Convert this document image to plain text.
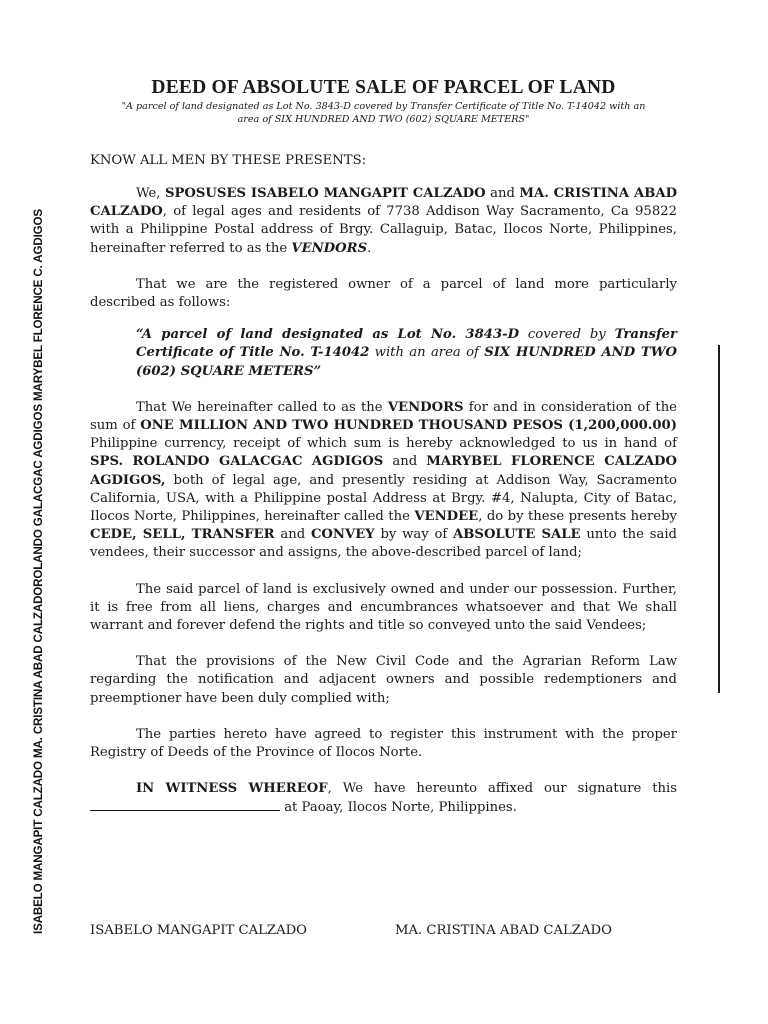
ISABELO MANGAPIT CALZADO MA. CRISTINA ABAD CALZADOROLANDO GALACGAC AGDIGOS MARYBEL FLORENCE C. AGDIGOS
DEED OF ABSOLUTE SALE OF PARCEL OF LAND
"A parcel of land designated as Lot No. 3843-D covered by Transfer Certificate of Title No. T-14042 with an area of SIX HUNDRED AND TWO (602) SQUARE METERS"
KNOW ALL MEN BY THESE PRESENTS:

We, SPOSUSES ISABELO MANGAPIT CALZADO and MA. CRISTINA ABAD CALZADO, of legal ages and residents of 7738 Addison Way Sacramento, Ca 95822 with a Philippine Postal address of Brgy. Callaguip, Batac, Ilocos Norte, Philippines, hereinafter referred to as the VENDORS.

That we are the registered owner of a parcel of land more particularly described as follows:

“A parcel of land designated as Lot No. 3843-D covered by Transfer Certificate of Title No. T-14042 with an area of SIX HUNDRED AND TWO (602) SQUARE METERS”

That We hereinafter called to as the VENDORS for and in consideration of the sum of ONE MILLION AND TWO HUNDRED THOUSAND PESOS (1,200,000.00) Philippine currency, receipt of which sum is hereby acknowledged to us in hand of SPS. ROLANDO GALACGAC AGDIGOS and MARYBEL FLORENCE CALZADO AGDIGOS, both of legal age, and presently residing at Addison Way, Sacramento California, USA, with a Philippine postal Address at Brgy. #4, Nalupta, City of Batac, Ilocos Norte, Philippines, hereinafter called the VENDEE, do by these presents hereby CEDE, SELL, TRANSFER and CONVEY by way of ABSOLUTE SALE unto the said vendees, their successor and assigns, the above-described parcel of land;

The said parcel of land is exclusively owned and under our possession. Further, it is free from all liens, charges and encumbrances whatsoever and that We shall warrant and forever defend the rights and title so conveyed unto the said Vendees;

That the provisions of the New Civil Code and the Agrarian Reform Law regarding the notification and adjacent owners and possible redemptioners and preemptioner have been duly complied with;

The parties hereto have agreed to register this instrument with the proper Registry of Deeds of the Province of Ilocos Norte.

IN WITNESS WHEREOF, We have hereunto affixed our signature this  at Paoay, Ilocos Norte, Philippines.

ISABELO MANGAPIT CALZADO	MA. CRISTINA ABAD CALZADO
